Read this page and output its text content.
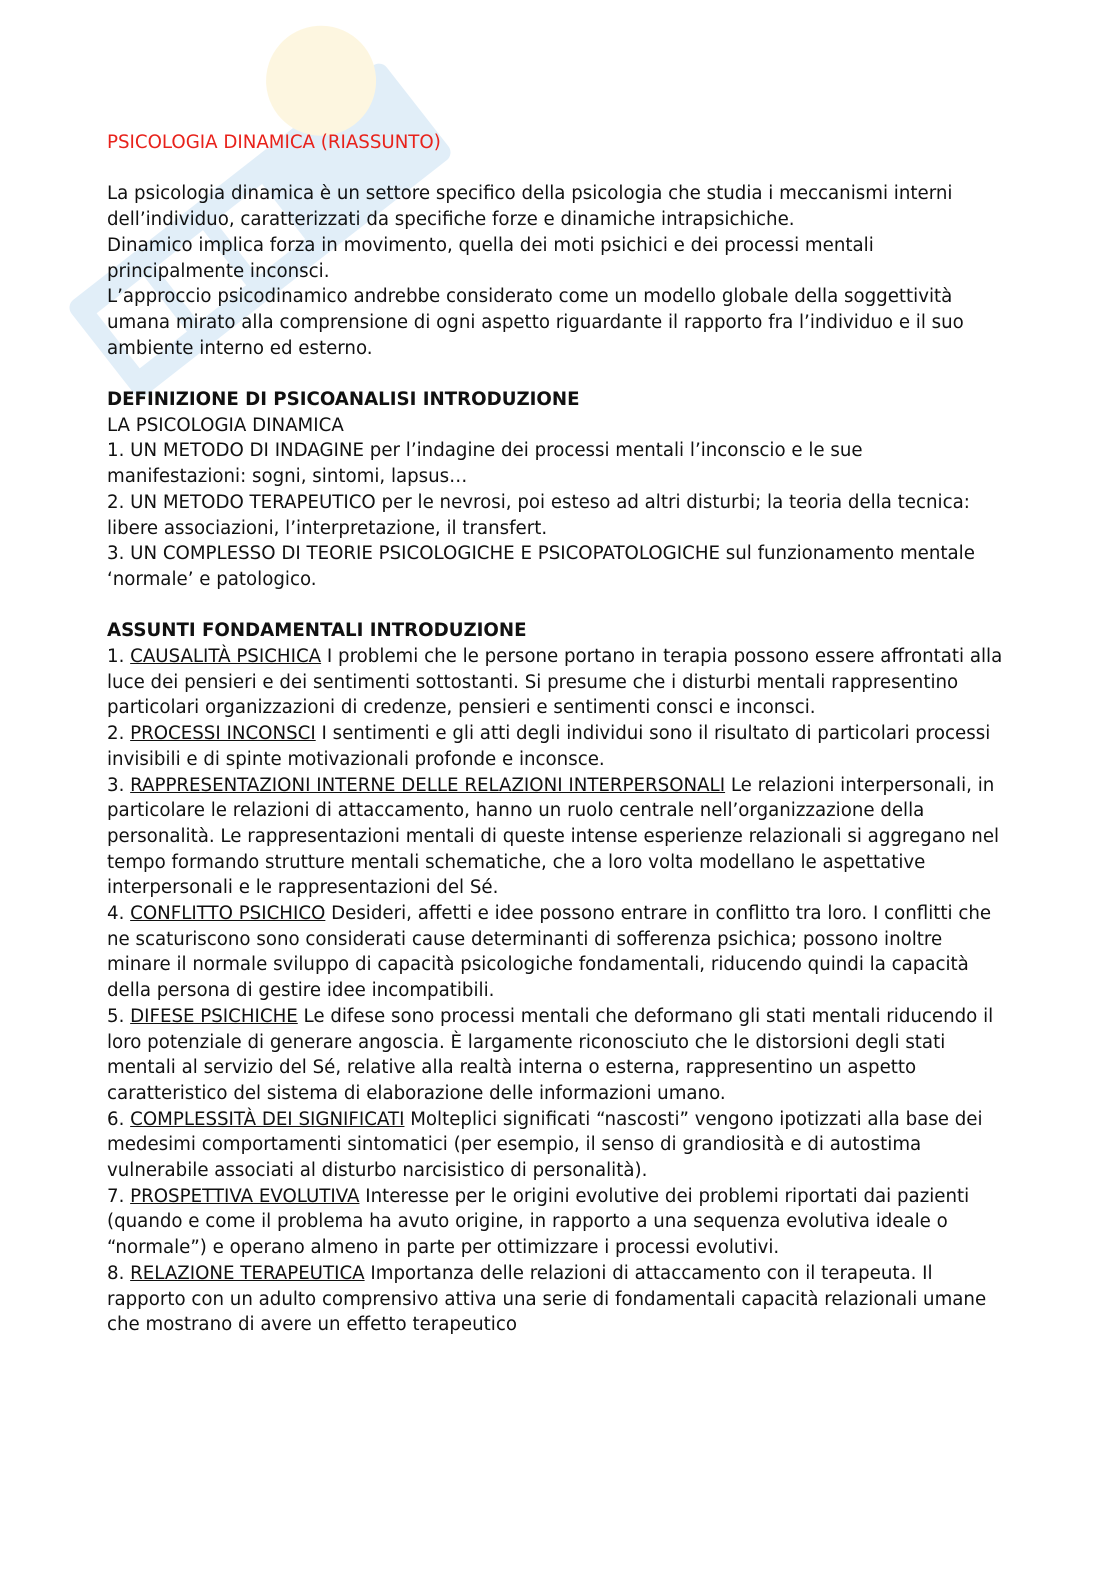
PSICOLOGIA DINAMICA (RIASSUNTO)

La psicologia dinamica è un settore specifico della psicologia che studia i meccanismi interni dell’individuo, caratterizzati da specifiche forze e dinamiche intrapsichiche.

Dinamico implica forza in movimento, quella dei moti psichici e dei processi mentali principalmente inconsci.

L’approccio psicodinamico andrebbe considerato come un modello globale della soggettività umana mirato alla comprensione di ogni aspetto riguardante il rapporto fra l’individuo e il suo ambiente interno ed esterno.

DEFINIZIONE DI PSICOANALISI INTRODUZIONE

LA PSICOLOGIA DINAMICA

1. UN METODO DI INDAGINE per l’indagine dei processi mentali l’inconscio e le sue manifestazioni: sogni, sintomi, lapsus…

2. UN METODO TERAPEUTICO per le nevrosi, poi esteso ad altri disturbi; la teoria della tecnica: libere associazioni, l’interpretazione, il transfert.

3. UN COMPLESSO DI TEORIE PSICOLOGICHE E PSICOPATOLOGICHE sul funzionamento mentale ‘normale’ e patologico.

ASSUNTI FONDAMENTALI INTRODUZIONE

1. CAUSALITÀ PSICHICA I problemi che le persone portano in terapia possono essere affrontati alla luce dei pensieri e dei sentimenti sottostanti. Si presume che i disturbi mentali rappresentino particolari organizzazioni di credenze, pensieri e sentimenti consci e inconsci.

2. PROCESSI INCONSCI I sentimenti e gli atti degli individui sono il risultato di particolari processi invisibili e di spinte motivazionali profonde e inconsce.

3. RAPPRESENTAZIONI INTERNE DELLE RELAZIONI INTERPERSONALI Le relazioni interpersonali, in particolare le relazioni di attaccamento, hanno un ruolo centrale nell’organizzazione della personalità. Le rappresentazioni mentali di queste intense esperienze relazionali si aggregano nel tempo formando strutture mentali schematiche, che a loro volta modellano le aspettative interpersonali e le rappresentazioni del Sé.

4. CONFLITTO PSICHICO Desideri, affetti e idee possono entrare in conflitto tra loro. I conflitti che ne scaturiscono sono considerati cause determinanti di sofferenza psichica; possono inoltre minare il normale sviluppo di capacità psicologiche fondamentali, riducendo quindi la capacità della persona di gestire idee incompatibili.

5. DIFESE PSICHICHE Le difese sono processi mentali che deformano gli stati mentali riducendo il loro potenziale di generare angoscia. È largamente riconosciuto che le distorsioni degli stati mentali al servizio del Sé, relative alla realtà interna o esterna, rappresentino un aspetto caratteristico del sistema di elaborazione delle informazioni umano.

6. COMPLESSITÀ DEI SIGNIFICATI Molteplici significati “nascosti” vengono ipotizzati alla base dei medesimi comportamenti sintomatici (per esempio, il senso di grandiosità e di autostima vulnerabile associati al disturbo narcisistico di personalità).

7. PROSPETTIVA EVOLUTIVA Interesse per le origini evolutive dei problemi riportati dai pazienti (quando e come il problema ha avuto origine, in rapporto a una sequenza evolutiva ideale o “normale”) e operano almeno in parte per ottimizzare i processi evolutivi.

8. RELAZIONE TERAPEUTICA Importanza delle relazioni di attaccamento con il terapeuta. Il rapporto con un adulto comprensivo attiva una serie di fondamentali capacità relazionali umane che mostrano di avere un effetto terapeutico
